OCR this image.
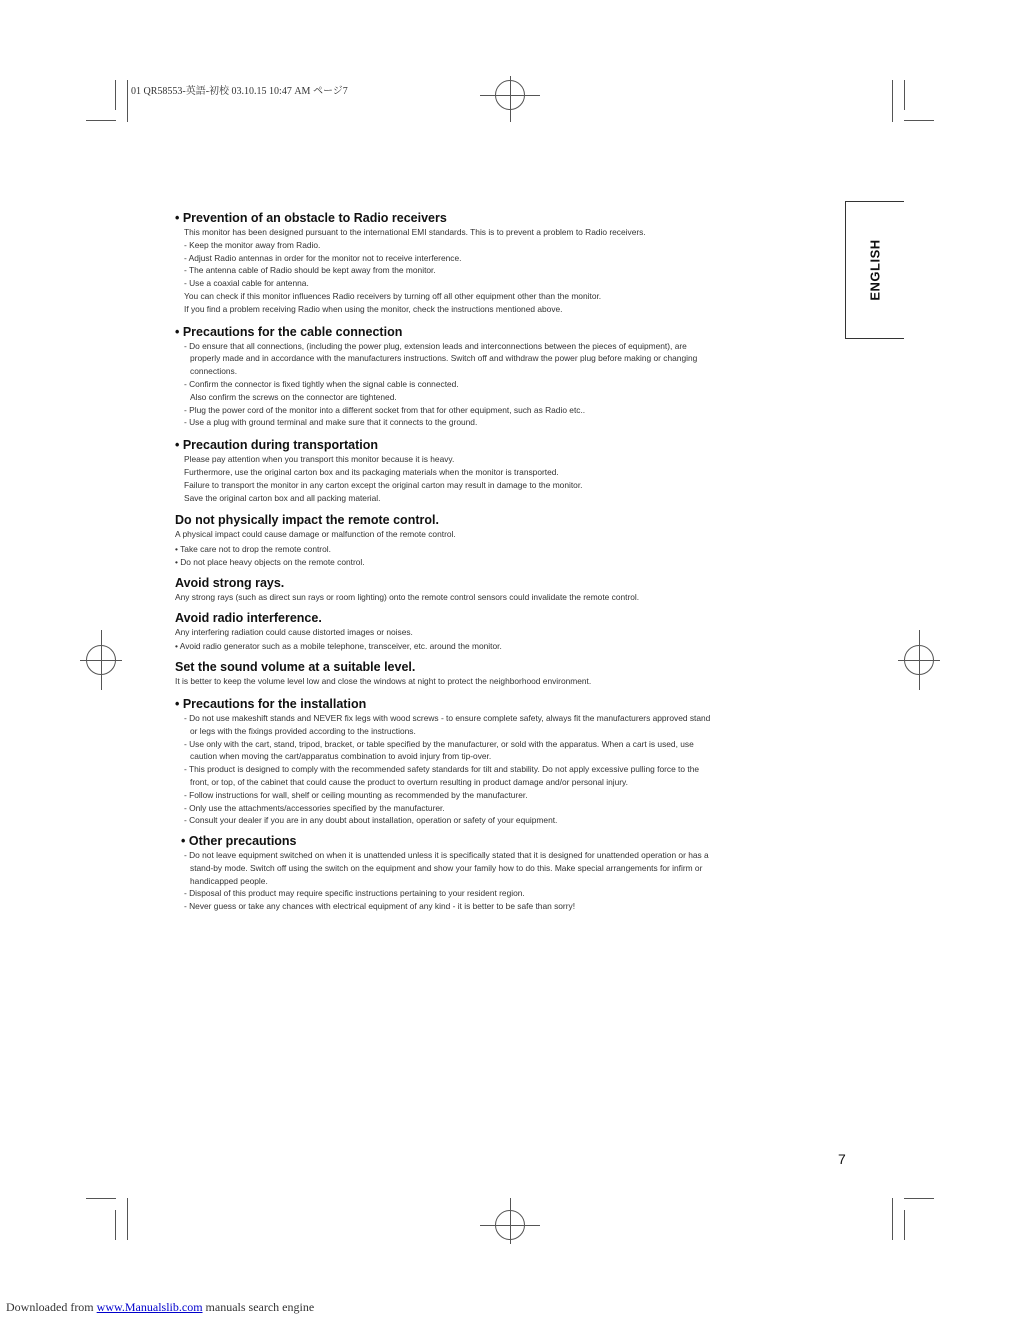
01 QR58553-英語-初校 03.10.15 10:47 AM ページ7
ENGLISH

• Prevention of an obstacle to Radio receivers

This monitor has been designed pursuant to the international EMI standards. This is to prevent a problem to Radio receivers.

- Keep the monitor away from Radio.

- Adjust Radio antennas in order for the monitor not to receive interference.

- The antenna cable of Radio should be kept away from the monitor.

- Use a coaxial cable for antenna.

You can check if this monitor influences Radio receivers by turning off all other equipment other than the monitor.

If you find a problem receiving Radio when using the monitor, check the instructions mentioned above.

• Precautions for the cable connection

- Do ensure that all connections, (including the power plug, extension leads and interconnections between the pieces of equipment), are

properly made and in accordance with the manufacturers instructions. Switch off and withdraw the power plug before making or changing

connections.

- Confirm the connector is fixed tightly when the signal cable is connected.

Also confirm the screws on the connector are tightened.

- Plug the power cord of the monitor into a different socket from that for other equipment, such as Radio etc..

- Use a plug with ground terminal and make sure that it connects to the ground.

• Precaution during transportation

Please pay attention when you transport this monitor because it is heavy.

Furthermore, use the original carton box and its packaging materials when the monitor is transported.

Failure to transport the monitor in any carton except the original carton may result in damage to the monitor.

Save the original carton box and all packing material.

Do not physically impact the remote control.

A physical impact could cause damage or malfunction of the remote control.

• Take care not to drop the remote control.

• Do not place heavy objects on the remote control.

Avoid strong rays.

Any strong rays (such as direct sun rays or room lighting) onto the remote control sensors could invalidate the remote control.

Avoid radio interference.

Any interfering radiation could cause distorted images or noises.

• Avoid radio generator such as a mobile telephone, transceiver, etc. around the monitor.

Set the sound volume at a suitable level.

It is better to keep the volume level low and close the windows at night to protect the neighborhood environment.

• Precautions for the installation

- Do not use makeshift stands and NEVER fix legs with wood screws - to ensure complete safety, always fit the manufacturers approved stand

or legs with the fixings provided according to the instructions.

- Use only with the cart, stand, tripod, bracket, or table specified by the manufacturer, or sold with the apparatus. When a cart is used, use

caution when moving the cart/apparatus combination to avoid injury from tip-over.

- This product is designed to comply with the recommended safety standards for tilt and stability. Do not apply excessive pulling force to the

front, or top, of the cabinet that could cause the product to overturn resulting in product damage and/or personal injury.

- Follow instructions for wall, shelf or ceiling mounting as recommended by the manufacturer.

- Only use the attachments/accessories specified by the manufacturer.

- Consult your dealer if you are in any doubt about installation, operation or safety of your equipment.

• Other precautions

- Do not leave equipment switched on when it is unattended unless it is specifically stated that it is designed for unattended operation or has a

stand-by mode. Switch off using the switch on the equipment and show your family how to do this. Make special arrangements for infirm or

handicapped people.

- Disposal of this product may require specific instructions pertaining to your resident region.

- Never guess or take any chances with electrical equipment of any kind - it is better to be safe than sorry!

7
Downloaded from www.Manualslib.com manuals search engine
